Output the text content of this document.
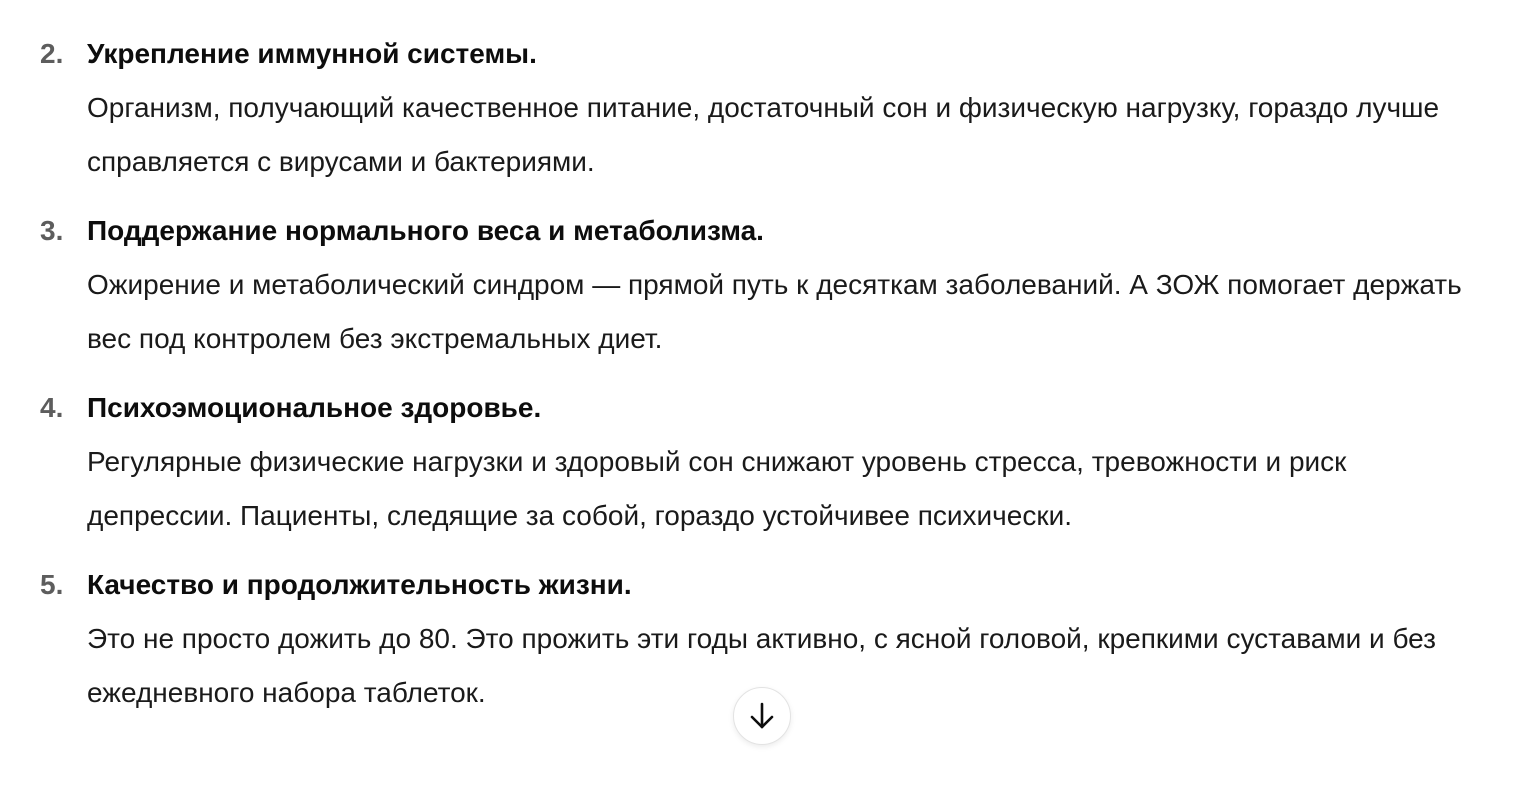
2. Укрепление иммунной системы.
Организм, получающий качественное питание, достаточный сон и физическую нагрузку, гораздо лучше справляется с вирусами и бактериями.
3. Поддержание нормального веса и метаболизма.
Ожирение и метаболический синдром — прямой путь к десяткам заболеваний. А ЗОЖ помогает держать вес под контролем без экстремальных диет.
4. Психоэмоциональное здоровье.
Регулярные физические нагрузки и здоровый сон снижают уровень стресса, тревожности и риск депрессии. Пациенты, следящие за собой, гораздо устойчивее психически.
5. Качество и продолжительность жизни.
Это не просто дожить до 80. Это прожить эти годы активно, с ясной головой, крепкими суставами и без ежедневного набора таблеток.
